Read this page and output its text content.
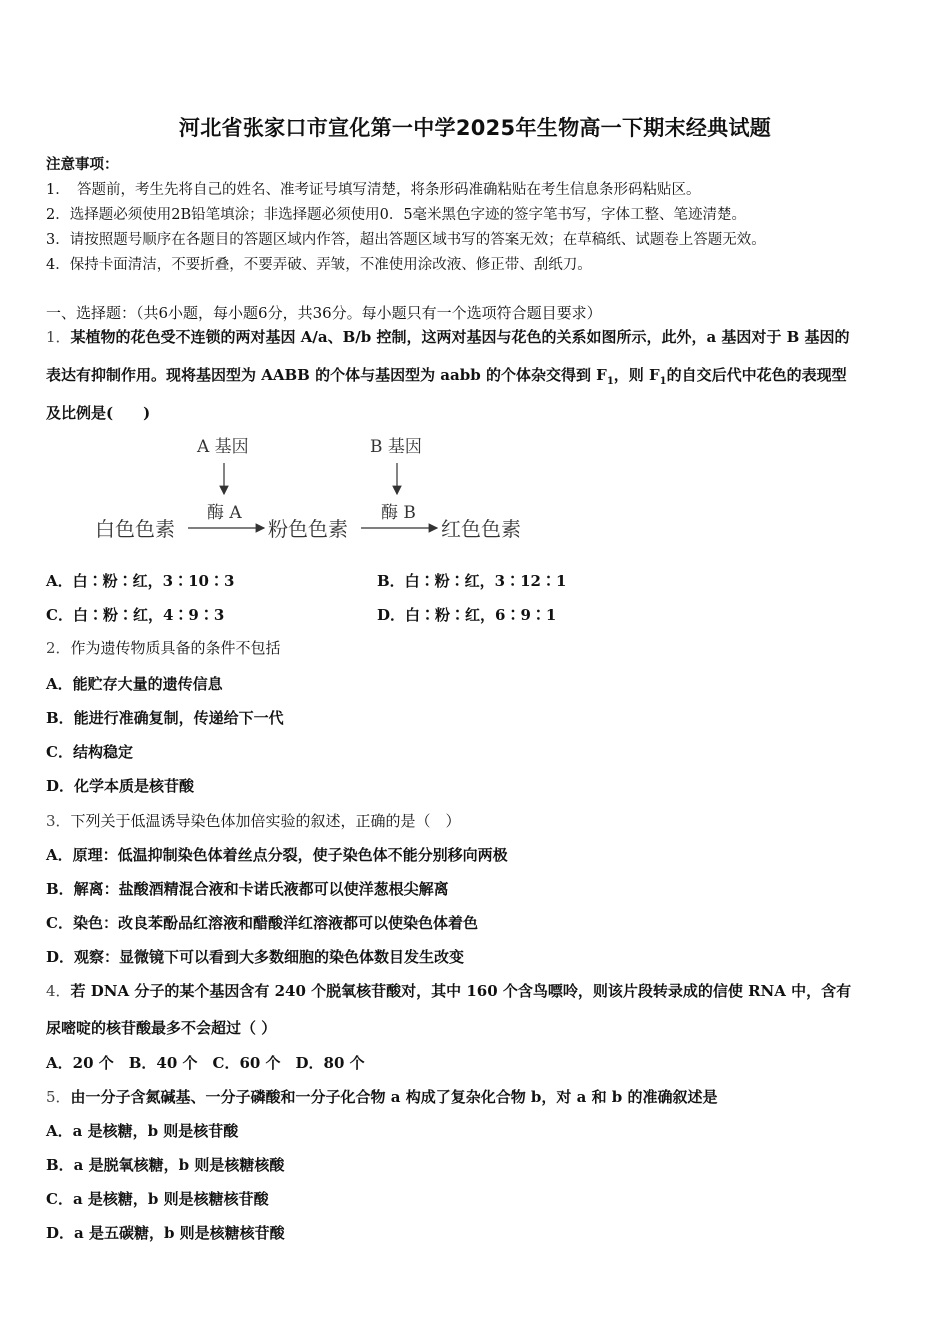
河北省张家口市宣化第一中学2025年生物高一下期末经典试题
注意事项：
1．　答题前，考生先将自己的姓名、准考证号填写清楚，将条形码准确粘贴在考生信息条形码粘贴区。
2．选择题必须使用2B铅笔填涂；非选择题必须使用0．5毫米黑色字迹的签字笔书写，字体工整、笔迹清楚。
3．请按照题号顺序在各题目的答题区域内作答，超出答题区域书写的答案无效；在草稿纸、试题卷上答题无效。
4．保持卡面清洁，不要折叠，不要弄破、弄皱，不准使用涂改液、修正带、刮纸刀。
一、选择题：（共6小题，每小题6分，共36分。每小题只有一个选项符合题目要求）
1．某植物的花色受不连锁的两对基因 A/a、B/b 控制，这两对基因与花色的关系如图所示，此外，a 基因对于 B 基因的
表达有抑制作用。现将基因型为 AABB 的个体与基因型为 aabb 的个体杂交得到 $F_1$，则 $F_1$的自交后代中花色的表现型
及比例是(　　)
A 基因	B 基因
酶 A	酶 B
白色色素	粉色色素	红色色素
A．白∶粉∶红，3∶10∶3	B．白∶粉∶红，3∶12∶1
C．白∶粉∶红，4∶9∶3	D．白∶粉∶红，6∶9∶1
2．作为遗传物质具备的条件不包括
A．能贮存大量的遗传信息
B．能进行准确复制，传递给下一代
C．结构稳定
D．化学本质是核苷酸
3．下列关于低温诱导染色体加倍实验的叙述，正确的是（　）
A．原理：低温抑制染色体着丝点分裂，使子染色体不能分别移向两极
B．解离：盐酸酒精混合液和卡诺氏液都可以使洋葱根尖解离
C．染色：改良苯酚品红溶液和醋酸洋红溶液都可以使染色体着色
D．观察：显微镜下可以看到大多数细胞的染色体数目发生改变
4．若 DNA 分子的某个基因含有 240 个脱氧核苷酸对，其中 160 个含鸟嘌呤，则该片段转录成的信使 RNA 中，含有
尿嘧啶的核苷酸最多不会超过（ ）
A．20 个　B．40 个　C．60 个　D．80 个
5．由一分子含氮碱基、一分子磷酸和一分子化合物 a 构成了复杂化合物 b，对 a 和 b 的准确叙述是
A．a 是核糖，b 则是核苷酸
B．a 是脱氧核糖，b 则是核糖核酸
C．a 是核糖，b 则是核糖核苷酸
D．a 是五碳糖，b 则是核糖核苷酸
